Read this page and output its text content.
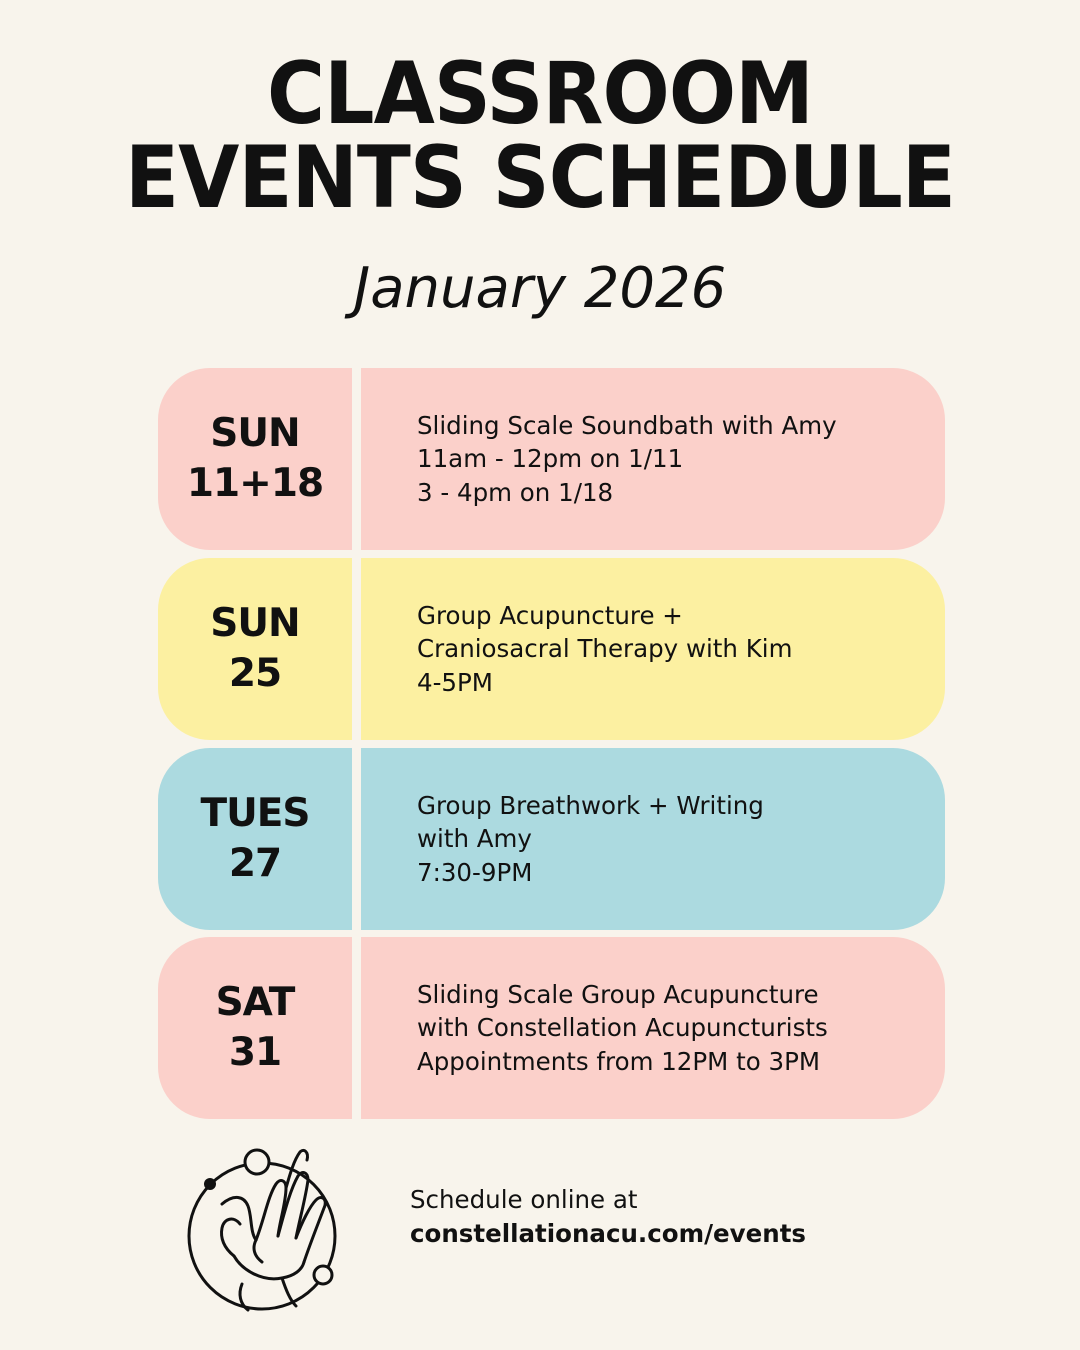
CLASSROOM
EVENTS SCHEDULE
January 2026
SUN
11+18
Sliding Scale Soundbath with Amy
11am - 12pm on 1/11
3 - 4pm on 1/18
SUN
25
Group Acupuncture +
Craniosacral Therapy with Kim
4-5PM
TUES
27
Group Breathwork + Writing
with Amy
7:30-9PM
SAT
31
Sliding Scale Group Acupuncture
with Constellation Acupuncturists
Appointments from 12PM to 3PM
Schedule online at
constellationacu.com/events
